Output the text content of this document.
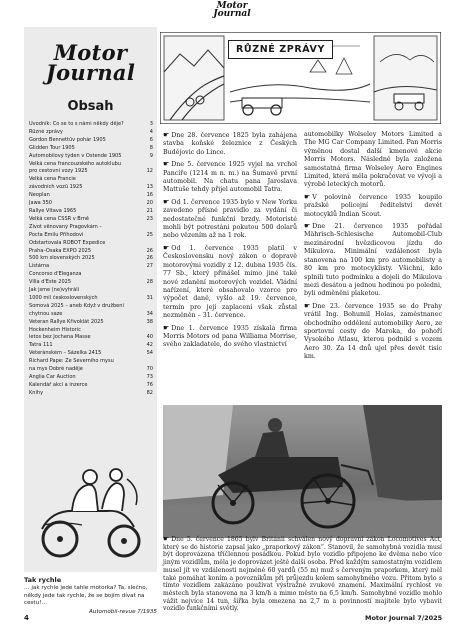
Motor Journal
Motor Journal
Obsah
Úvodník: Co se to s námi někdy děje?	3
Různé zprávy	4
Gordon Bennettův pohár 1905	6
Glidden Tour 1905	8
Automobilový týden v Ostende 1905	9
Velká cena francouzského autoklubu
pro cestovní vozy 1925	12
Velká cena Francie
závodních vozů 1925	13
Neoplan	16
Jawa 350	20
Rallye Vltava 1965	21
Velká cena ČSSR v Brně	23
Život věnovaný Pragovkám –
Pocta Emilu Příhodovi	25
Odstartovala ROBOT Expedice
Praha–Osaka EXPO 2025	26
500 km slovenských 2025	26
Listárna	27
Concorso d'Eleganza
Villa d'Este 2025	28
Jak jsme (ne)vyhráli
1000 mil československých	31
Somová 2025 – aneb Když v družbeni
chytnou saze	34
Veteran Rallye Křivoklát 2025	38
Hockenheim Historic
letos bez Jochena Masse	40
Tatra 111	42
Veteránském – Sázelka 2415	54
Richard Pape: Ze Severního mysu
na mys Dobré naděje	70
Anglia Car Auction	73
Kalendář akcí a inzerce	76
Knihy	82
Tak rychle
… jak rychle jede tahle motorka? Ta, slečno, někdy jede tak rychle, že se bojím dívat na cestu!…
Automobil-revue 7/1935
RŮZNÉ ZPRÁVY

☛ Dne 28. července 1825 byla zahájena stavba koňské železnice z Českých Budějovic do Lince.

☛ Dne 5. července 1925 vyjel na vrchol Pancíře (1214 m n. m.) na Šumavě první automobil. Na chatu pana Jaroslava Mattuše tehdy přijel automobil Tatra.

☛ Od 1. července 1935 bylo v New Yorku zavedeno přísné pravidlo za vydání či nedostatečné funkční brzdy. Motoristé mohli být potrestáni pokutou 500 dolarů nebo vězením až na 1 rok.

☛ Od 1. července 1935 platil v Československu nový zákon o dopravě motorovými vozidly z 12. dubna 1935 čís. 77 Sb., který přinášel mimo jiné také nové zdanění motorových vozidel. Vládní nařízení, které obsahovalo vzorce pro výpočet daně, vyšlo až 19. července, termín pro její zaplacení však zůstal nezměněn – 31. července.

☛ Dne 1. července 1935 získala firma Morris Motors od pana Williama Morrise, svého zakladatele, do svého vlastnictví

automobilky Wolseley Motors Limited a The MG Car Company Limited. Pan Morris výměnou dostal další kmenové akcie Morris Motors. Následně byla založena samostatná firma Wolseley Aero Engines Limited, která měla pokračovat ve vývoji a výrobě leteckých motorů.

☛ V polovině července 1935 koupilo pražské policejní ředitelství devět motocyklů Indian Scout.

☛ Dne 21. července 1935 pořádal Mährisch-Schlesische Automobil-Club mezinárodní hvězdicovou jízdu do Mikulova. Minimální vzdálenost byla stanovena na 100 km pro automobilisty a 80 km pro motocyklisty. Všichni, kdo splnili tuto podmínku a dojeli do Mikulova mezi desátou a jednou hodinou po poledni, byli odměněni plaketou.

☛ Dne 23. července 1935 se do Prahy vrátil Ing. Bohumil Holas, zaměstnanec obchodního oddělení automobilky Aero, ze sportovní cesty do Maroka, do pohoří Vysokého Atlasu, kterou podnikl s vozem Aero 30. Za 14 dnů ujel přes devět tisíc km.

☛ Dne 5. července 1865 bylv Británii schválen nový dopravní zákon Locomotives Act, který se do historie zapsal jako „praporkový zákon“. Stanovil, že samohybná vozidla musí být doprovázena tříčlennou posádkou. Pokud bylo vozidlo připojeno ke dvěma nebo více jiným vozidlům, měla je doprovázet ještě další osoba. Před každým samostatným vozidlem musel jít ve vzdálenosti nejméně 60 yardů (55 m) muž s červeným praporkem, který měl také pomáhat koním a povozníkům při průjezdu kolem samohybného vozu. Přitom bylo s tímto vozidlem zakázáno používat výstražné zvukové znamení. Maximální rychlost ve městech byla stanovena na 3 km/h a mimo město na 6,5 km/h. Samohybné vozidlo mohlo vážit nejvíce 14 tun, šířka byla omezena na 2,7 m a povinností majitele bylo vybavit vozidlo funkčními světly.
4	Motor Journal 7/2025
